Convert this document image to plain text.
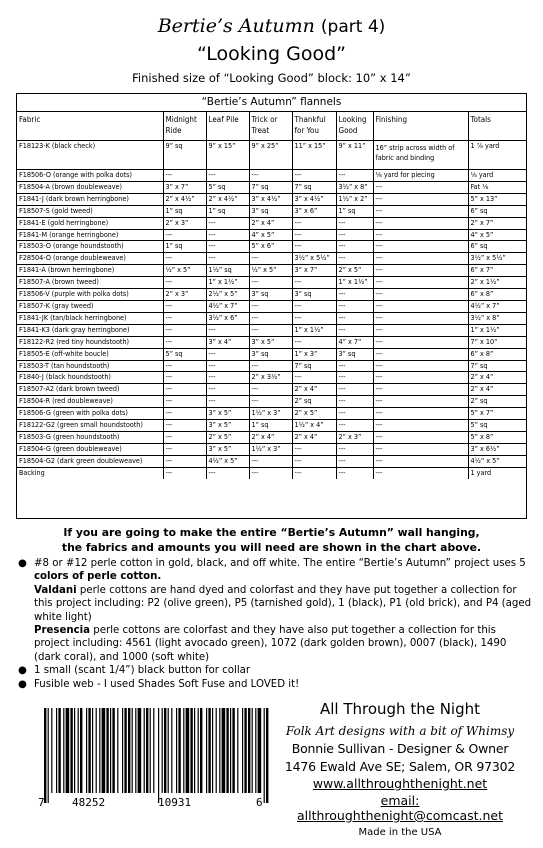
Bertie’s Autumn (part 4)
“Looking Good”
Finished size of “Looking Good” block: 10” x 14”
“Bertie’s Autumn” flannels
Fabric	Midnight Ride	Leaf Pile	Trick or Treat	Thankful for You	Looking Good	Finishing	Totals
F18123-K (black check)	9” sq	9” x 15”	9” x 25”	11” x 15”	9” x 11”	16” strip across width of fabric and binding	1 ⅞ yard
F18506-O (orange with polka dots)	---	---	---	---	---	⅛ yard for piecing	⅛ yard
F18504-A (brown doubleweave)	3” x 7”	5” sq	7” sq	7” sq	3½” x 8”	---	Fat ⅛
F1841-J (dark brown herringbone)	2” x 4½”	2” x 4½”	3” x 4½”	3” x 4½”	1½” x 2”	---	5” x 13”
F18507-S (gold tweed)	1” sq	1” sq	3” sq	3” x 6”	1” sq	---	6” sq
F1841-E (gold herringbone)	2” x 3”	---	2” x 4”	---	---	---	2” x 7”
F1841-M (orange herringbone)	---	---	4” x 5”	---	---	---	4” x 5”
F18503-O (orange houndstooth)	1” sq	---	5” x 6”	---	---	---	6” sq
F28504-O (orange doubleweave)	---	---	---	3½” x 5½”	---	---	3½” x 5½”
F1841-A (brown herringbone)	½” x 5”	1½” sq	½” x 5”	3” x 7”	2” x 5”	---	6” x 7”
F18507-A (brown tweed)	---	1” x 1½”	---	---	1” x 1½”	---	2” x 1½”
F18506-V (purple with polka dots)	2” x 3”	2½” x 5”	3” sq	3” sq	---	---	6” x 8”
F18507-K (gray tweed)	---	4½” x 7”	---	---	---	---	4½” x 7”
F1841-JK (tan/black herringbone)	---	3½” x 6”	---	---	---	---	3½” x 8”
F1841-K3 (dark gray herringbone)	---	---	---	1” x 1½”	---	---	1” x 1½”
F18122-R2 (red tiny houndstooth)	---	3” x 4”	3” x 5”	---	4” x 7”	---	7” x 10”
F18505-E (off-white boucle)	5” sq	---	3” sq	1” x 3”	3” sq	---	6” x 8”
F18503-T (tan houndstooth)	---	---	---	7” sq	---	---	7” sq
F1840-J (black houndstooth)	---	---	2” x 3½”	---	---	---	2” x 4”
F18507-A2 (dark brown tweed)	---	---	---	2” x 4”	---	---	2” x 4”
F18504-R (red doubleweave)	---	---	---	2” sq	---	---	2” sq
F18506-G (green with polka dots)	---	3” x 5”	1½” x 3”	2” x 5”	---	---	5” x 7”
F18122-G2 (green small houndstooth)	---	3” x 5”	1” sq	1½” x 4”	---	---	5” sq
F18503-G (green houndstooth)	---	2” x 5”	2” x 4”	2” x 4”	2” x 3”	---	5” x 8”
F18504-G (green doubleweave)	---	3” x 5”	1½” x 3”	---	---	---	3” x 6½”
F18504-G2 (dark green doubleweave)	---	4½” x 5”	---	---	---	---	4½” x 5”
Backing	---	---	---	---	---	---	1 yard
If you are going to make the entire “Bertie’s Autumn” wall hanging,
the fabrics and amounts you will need are shown in the chart above.
● #8 or #12 perle cotton in gold, black, and off white. The entire “Bertie’s Autumn” project uses 5 colors of perle cotton.
Valdani perle cottons are hand dyed and colorfast and they have put together a collection for this project including: P2 (olive green), P5 (tarnished gold), 1 (black), P1 (old brick), and P4 (aged white light)
Presencia perle cottons are colorfast and they have also put together a collection for this project including: 4561 (light avocado green), 1072 (dark golden brown), 0007 (black), 1490 (dark coral), and 1000 (soft white)
● 1 small (scant 1/4”) black button for collar
● Fusible web - I used Shades Soft Fuse and LOVED it!
7 48252	10931	6
All Through the Night
Folk Art designs with a bit of Whimsy
Bonnie Sullivan - Designer & Owner
1476 Ewald Ave SE; Salem, OR 97302
www.allthroughthenight.net
email: allthroughthenight@comcast.net
Made in the USA
